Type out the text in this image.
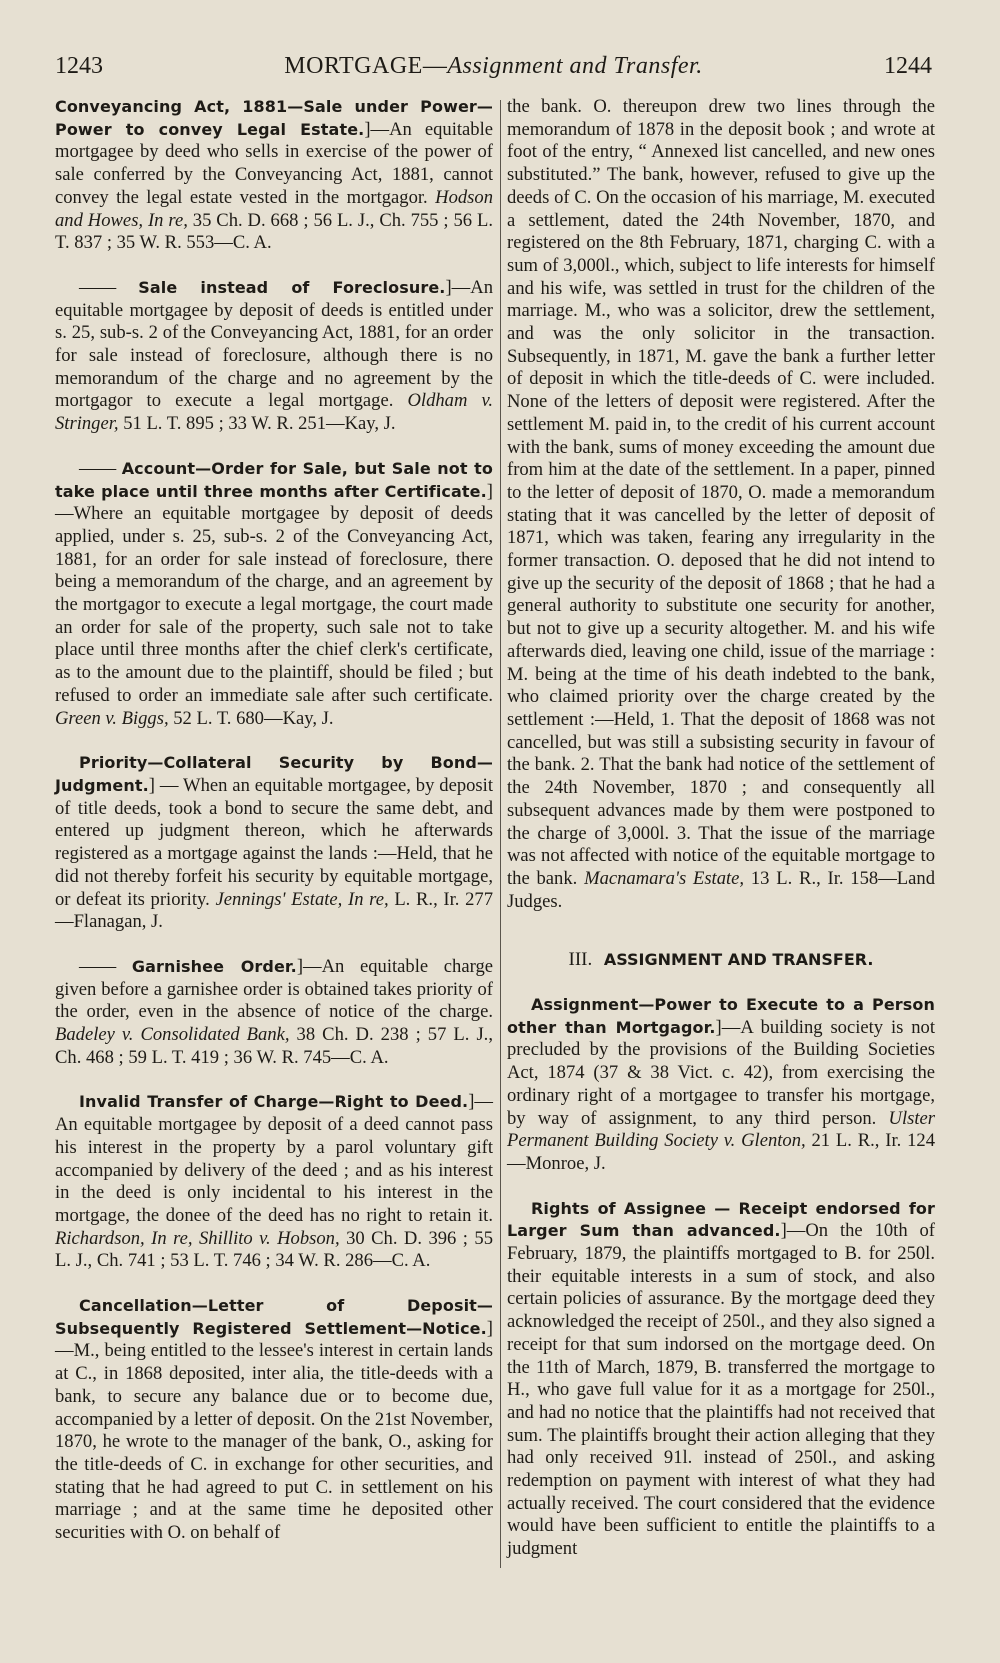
1243	MORTGAGE—Assignment and Transfer.	1244

Conveyancing Act, 1881—Sale under Power—Power to convey Legal Estate.]—An equitable mortgagee by deed who sells in exercise of the power of sale conferred by the Conveyancing Act, 1881, cannot convey the legal estate vested in the mortgagor. Hodson and Howes, In re, 35 Ch. D. 668 ; 56 L. J., Ch. 755 ; 56 L. T. 837 ; 35 W. R. 553—C. A.

—— Sale instead of Foreclosure.]—An equitable mortgagee by deposit of deeds is entitled under s. 25, sub-s. 2 of the Conveyancing Act, 1881, for an order for sale instead of foreclosure, although there is no memorandum of the charge and no agreement by the mortgagor to execute a legal mortgage. Oldham v. Stringer, 51 L. T. 895 ; 33 W. R. 251—Kay, J.

—— Account—Order for Sale, but Sale not to take place until three months after Certificate.]—Where an equitable mortgagee by deposit of deeds applied, under s. 25, sub-s. 2 of the Conveyancing Act, 1881, for an order for sale instead of foreclosure, there being a memorandum of the charge, and an agreement by the mortgagor to execute a legal mortgage, the court made an order for sale of the property, such sale not to take place until three months after the chief clerk's certificate, as to the amount due to the plaintiff, should be filed ; but refused to order an immediate sale after such certificate. Green v. Biggs, 52 L. T. 680—Kay, J.

Priority—Collateral Security by Bond—Judgment.] — When an equitable mortgagee, by deposit of title deeds, took a bond to secure the same debt, and entered up judgment thereon, which he afterwards registered as a mortgage against the lands :—Held, that he did not thereby forfeit his security by equitable mortgage, or defeat its priority. Jennings' Estate, In re, L. R., Ir. 277—Flanagan, J.

—— Garnishee Order.]—An equitable charge given before a garnishee order is obtained takes priority of the order, even in the absence of notice of the charge. Badeley v. Consolidated Bank, 38 Ch. D. 238 ; 57 L. J., Ch. 468 ; 59 L. T. 419 ; 36 W. R. 745—C. A.

Invalid Transfer of Charge—Right to Deed.]—An equitable mortgagee by deposit of a deed cannot pass his interest in the property by a parol voluntary gift accompanied by delivery of the deed ; and as his interest in the deed is only incidental to his interest in the mortgage, the donee of the deed has no right to retain it. Richardson, In re, Shillito v. Hobson, 30 Ch. D. 396 ; 55 L. J., Ch. 741 ; 53 L. T. 746 ; 34 W. R. 286—C. A.

Cancellation—Letter of Deposit—Subsequently Registered Settlement—Notice.]—M., being entitled to the lessee's interest in certain lands at C., in 1868 deposited, inter alia, the title-deeds with a bank, to secure any balance due or to become due, accompanied by a letter of deposit. On the 21st November, 1870, he wrote to the manager of the bank, O., asking for the title-deeds of C. in exchange for other securities, and stating that he had agreed to put C. in settlement on his marriage ; and at the same time he deposited other securities with O. on behalf of

the bank. O. thereupon drew two lines through the memorandum of 1878 in the deposit book ; and wrote at foot of the entry, “ Annexed list cancelled, and new ones substituted.” The bank, however, refused to give up the deeds of C. On the occasion of his marriage, M. executed a settlement, dated the 24th November, 1870, and registered on the 8th February, 1871, charging C. with a sum of 3,000l., which, subject to life interests for himself and his wife, was settled in trust for the children of the marriage. M., who was a solicitor, drew the settlement, and was the only solicitor in the transaction. Subsequently, in 1871, M. gave the bank a further letter of deposit in which the title-deeds of C. were included. None of the letters of deposit were registered. After the settlement M. paid in, to the credit of his current account with the bank, sums of money exceeding the amount due from him at the date of the settlement. In a paper, pinned to the letter of deposit of 1870, O. made a memorandum stating that it was cancelled by the letter of deposit of 1871, which was taken, fearing any irregularity in the former transaction. O. deposed that he did not intend to give up the security of the deposit of 1868 ; that he had a general authority to substitute one security for another, but not to give up a security altogether. M. and his wife afterwards died, leaving one child, issue of the marriage : M. being at the time of his death indebted to the bank, who claimed priority over the charge created by the settlement :—Held, 1. That the deposit of 1868 was not cancelled, but was still a subsisting security in favour of the bank. 2. That the bank had notice of the settlement of the 24th November, 1870 ; and consequently all subsequent advances made by them were postponed to the charge of 3,000l. 3. That the issue of the marriage was not affected with notice of the equitable mortgage to the bank. Macnamara's Estate, 13 L. R., Ir. 158—Land Judges.

III. ASSIGNMENT AND TRANSFER.

Assignment—Power to Execute to a Person other than Mortgagor.]—A building society is not precluded by the provisions of the Building Societies Act, 1874 (37 & 38 Vict. c. 42), from exercising the ordinary right of a mortgagee to transfer his mortgage, by way of assignment, to any third person. Ulster Permanent Building Society v. Glenton, 21 L. R., Ir. 124—Monroe, J.

Rights of Assignee — Receipt endorsed for Larger Sum than advanced.]—On the 10th of February, 1879, the plaintiffs mortgaged to B. for 250l. their equitable interests in a sum of stock, and also certain policies of assurance. By the mortgage deed they acknowledged the receipt of 250l., and they also signed a receipt for that sum indorsed on the mortgage deed. On the 11th of March, 1879, B. transferred the mortgage to H., who gave full value for it as a mortgage for 250l., and had no notice that the plaintiffs had not received that sum. The plaintiffs brought their action alleging that they had only received 91l. instead of 250l., and asking redemption on payment with interest of what they had actually received. The court considered that the evidence would have been sufficient to entitle the plaintiffs to a judgment
